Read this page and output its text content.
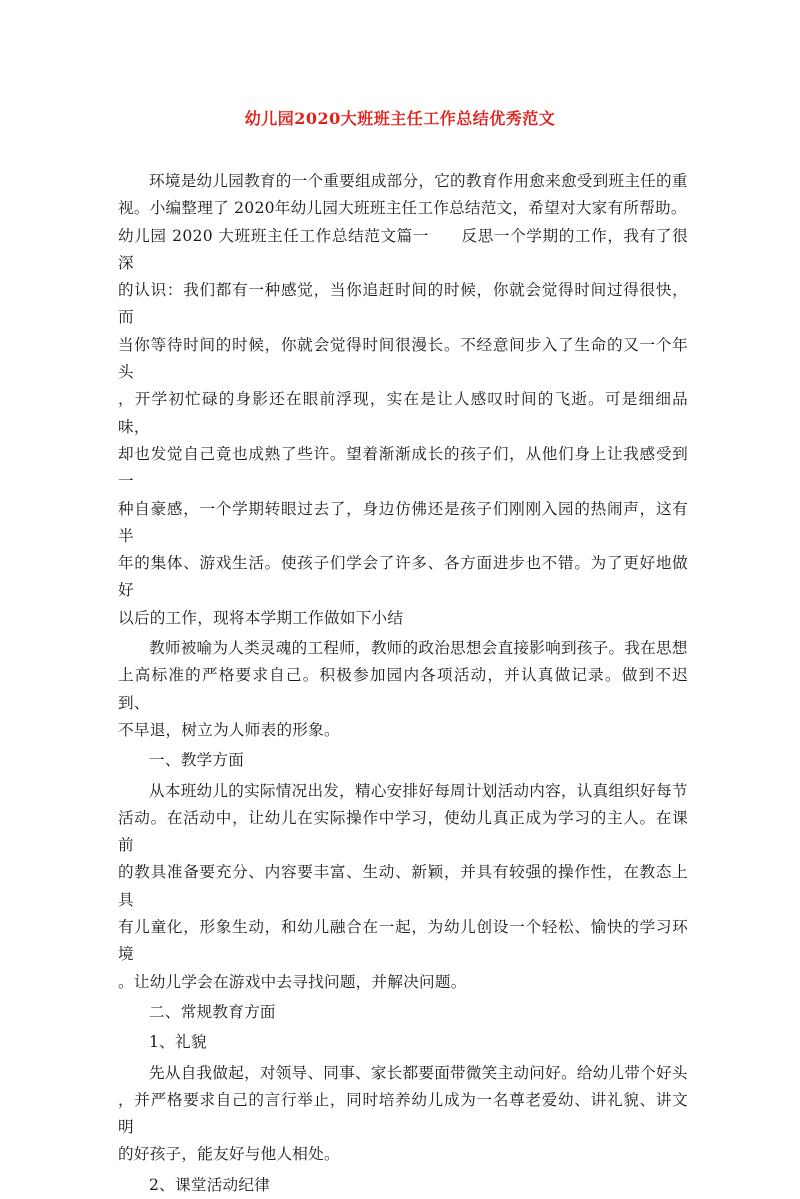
幼儿园2020大班班主任工作总结优秀范文

环境是幼儿园教育的一个重要组成部分，它的教育作用愈来愈受到班主任的重

视。小编整理了 2020年幼儿园大班班主任工作总结范文，希望对大家有所帮助。

幼儿园 2020 大班班主任工作总结范文篇一　　反思一个学期的工作，我有了很深

的认识：我们都有一种感觉，当你追赶时间的时候，你就会觉得时间过得很快，而

当你等待时间的时候，你就会觉得时间很漫长。不经意间步入了生命的又一个年头

，开学初忙碌的身影还在眼前浮现，实在是让人感叹时间的飞逝。可是细细品味，

却也发觉自己竟也成熟了些许。望着渐渐成长的孩子们，从他们身上让我感受到一

种自豪感，一个学期转眼过去了，身边仿佛还是孩子们刚刚入园的热闹声，这有半

年的集体、游戏生活。使孩子们学会了许多、各方面进步也不错。为了更好地做好

以后的工作，现将本学期工作做如下小结

教师被喻为人类灵魂的工程师，教师的政治思想会直接影响到孩子。我在思想

上高标准的严格要求自己。积极参加园内各项活动，并认真做记录。做到不迟到、

不早退，树立为人师表的形象。

一、教学方面

从本班幼儿的实际情况出发，精心安排好每周计划活动内容，认真组织好每节

活动。在活动中，让幼儿在实际操作中学习，使幼儿真正成为学习的主人。在课前

的教具准备要充分、内容要丰富、生动、新颖，并具有较强的操作性，在教态上具

有儿童化，形象生动，和幼儿融合在一起，为幼儿创设一个轻松、愉快的学习环境

。让幼儿学会在游戏中去寻找问题，并解决问题。

二、常规教育方面

1、礼貌

先从自我做起，对领导、同事、家长都要面带微笑主动问好。给幼儿带个好头

，并严格要求自己的言行举止，同时培养幼儿成为一名尊老爱幼、讲礼貌、讲文明

的好孩子，能友好与他人相处。

2、课堂活动纪律
